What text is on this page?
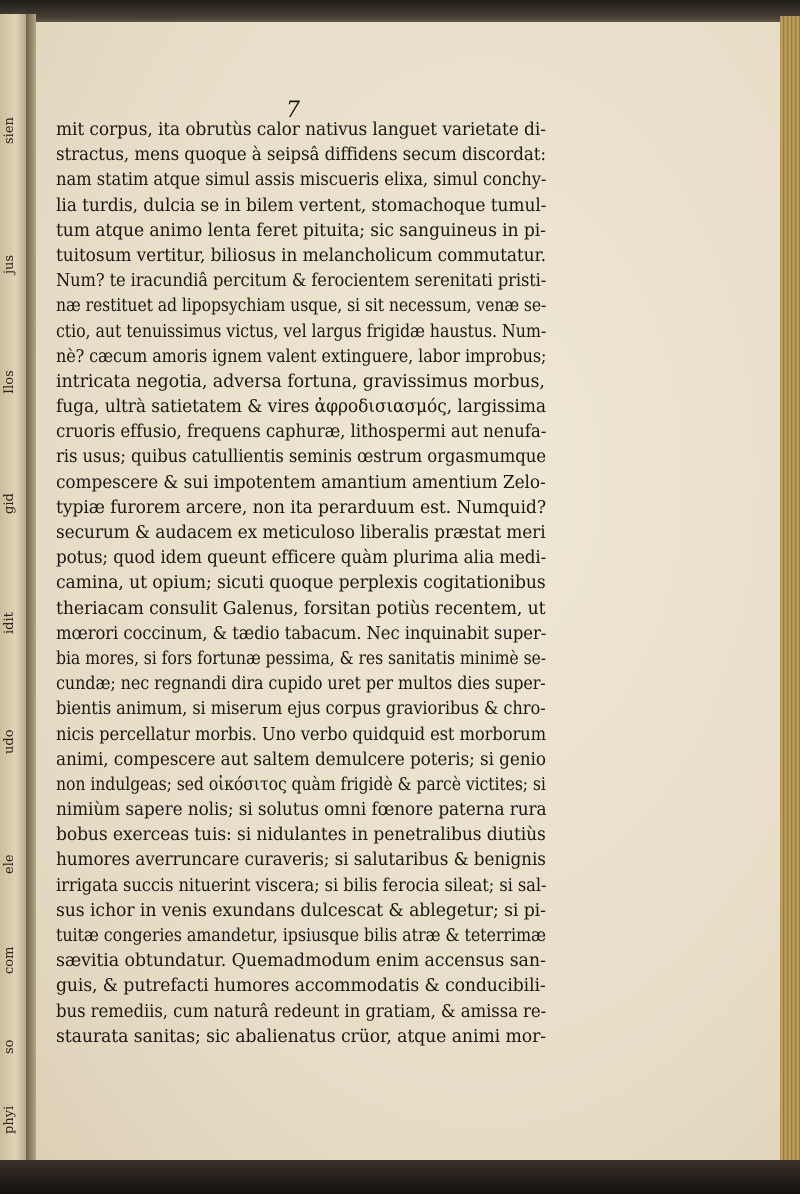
sien
jus
Ilos
gid
idit
udo
ele
com
so
phyi
7
mit corpus, ita obrutùs calor nativus languet varietate di-
stractus, mens quoque à seipsâ diffidens secum discordat:
nam statim atque simul assis miscueris elixa, simul conchy-
lia turdis, dulcia se in bilem vertent, stomachoque tumul-
tum atque animo lenta feret pituita; sic sanguineus in pi-
tuitosum vertitur, biliosus in melancholicum commutatur.
Num? te iracundiâ percitum & ferocientem serenitati pristi-
næ restituet ad lipopsychiam usque, si sit necessum, venæ se-
ctio, aut tenuissimus victus, vel largus frigidæ haustus. Num-
nè? cæcum amoris ignem valent extinguere, labor improbus;
intricata negotia, adversa fortuna, gravissimus morbus,
fuga, ultrà satietatem & vires ἀφροδισιασμός, largissima
cruoris effusio, frequens caphuræ, lithospermi aut nenufa-
ris usus; quibus catullientis seminis œstrum orgasmumque
compescere & sui impotentem amantium amentium Zelo-
typiæ furorem arcere, non ita perarduum est. Numquid?
securum & audacem ex meticuloso liberalis præstat meri
potus; quod idem queunt efficere quàm plurima alia medi-
camina, ut opium; sicuti quoque perplexis cogitationibus
theriacam consulit Galenus, forsitan potiùs recentem, ut
mœrori coccinum, & tædio tabacum. Nec inquinabit super-
bia mores, si fors fortunæ pessima, & res sanitatis minimè se-
cundæ; nec regnandi dira cupido uret per multos dies super-
bientis animum, si miserum ejus corpus gravioribus & chro-
nicis percellatur morbis. Uno verbo quidquid est morborum
animi, compescere aut saltem demulcere poteris; si genio
non indulgeas; sed οἰκόσιτος quàm frigidè & parcè victites; si
nimiùm sapere nolis; si solutus omni fœnore paterna rura
bobus exerceas tuis: si nidulantes in penetralibus diutiùs
humores averruncare curaveris; si salutaribus & benignis
irrigata succis nituerint viscera; si bilis ferocia sileat; si sal-
sus ichor in venis exundans dulcescat & ablegetur; si pi-
tuitæ congeries amandetur, ipsiusque bilis atræ & teterrimæ
sævitia obtundatur. Quemadmodum enim accensus san-
guis, & putrefacti humores accommodatis & conducibili-
bus remediis, cum naturâ redeunt in gratiam, & amissa re-
staurata sanitas; sic abalienatus crüor, atque animi mor-
